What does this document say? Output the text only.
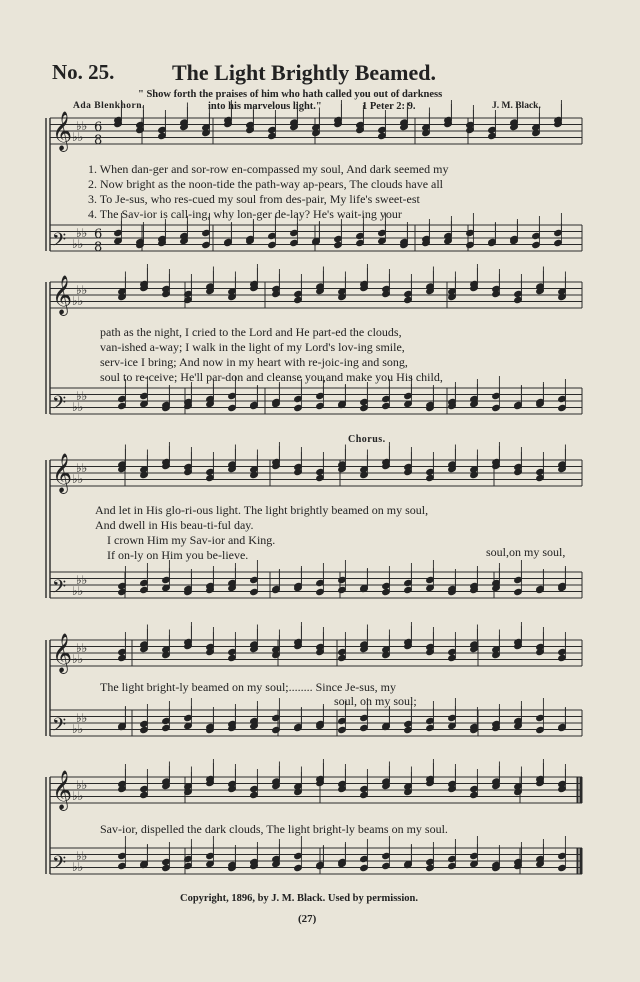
No. 25.	The Light Brightly Beamed.
" Show forth the praises of him who hath called you out of darkness
Ada Blenkhorn.	into his marvelous light."	1 Peter 2: 9.	J. M. Black.
𝄞 ♭♭
♭♭
𝄢 ♭♭
♭♭
6
8
6
8
𝄞 ♭♭
♭♭
𝄢 ♭♭
♭♭
𝄞 ♭♭
♭♭
𝄢 ♭♭
♭♭
𝄞 ♭♭
♭♭
𝄢 ♭♭
♭♭
𝄞 ♭♭
♭♭
𝄢 ♭♭
♭♭
1. When dan-ger and sor-row en-compassed my soul, And dark seemed my
2. Now bright as the noon-tide the path-way ap-pears, The clouds have all
3. To Je-sus, who res-cued my soul from des-pair, My life's sweet-est
4. The Sav-ior is call-ing, why lon-ger de-lay? He's wait-ing your
path as the night, I cried to the Lord and He part-ed the clouds,
van-ished a-way; I walk in the light of my Lord's lov-ing smile,
serv-ice I bring; And now in my heart with re-joic-ing and song,
soul to re-ceive; He'll par-don and cleanse you,and make you His child,
Chorus.
And let in His glo-ri-ous light. The light brightly beamed on my soul,
And dwell in His beau-ti-ful day.
I crown Him my Sav-ior and King.
If on-ly on Him you be-lieve.	soul,on my soul,
The light bright-ly beamed on my soul;........ Since Je-sus, my
soul, on my soul;
Sav-ior, dispelled the dark clouds, The light bright-ly beams on my soul.
Copyright, 1896, by J. M. Black. Used by permission.
(27)
